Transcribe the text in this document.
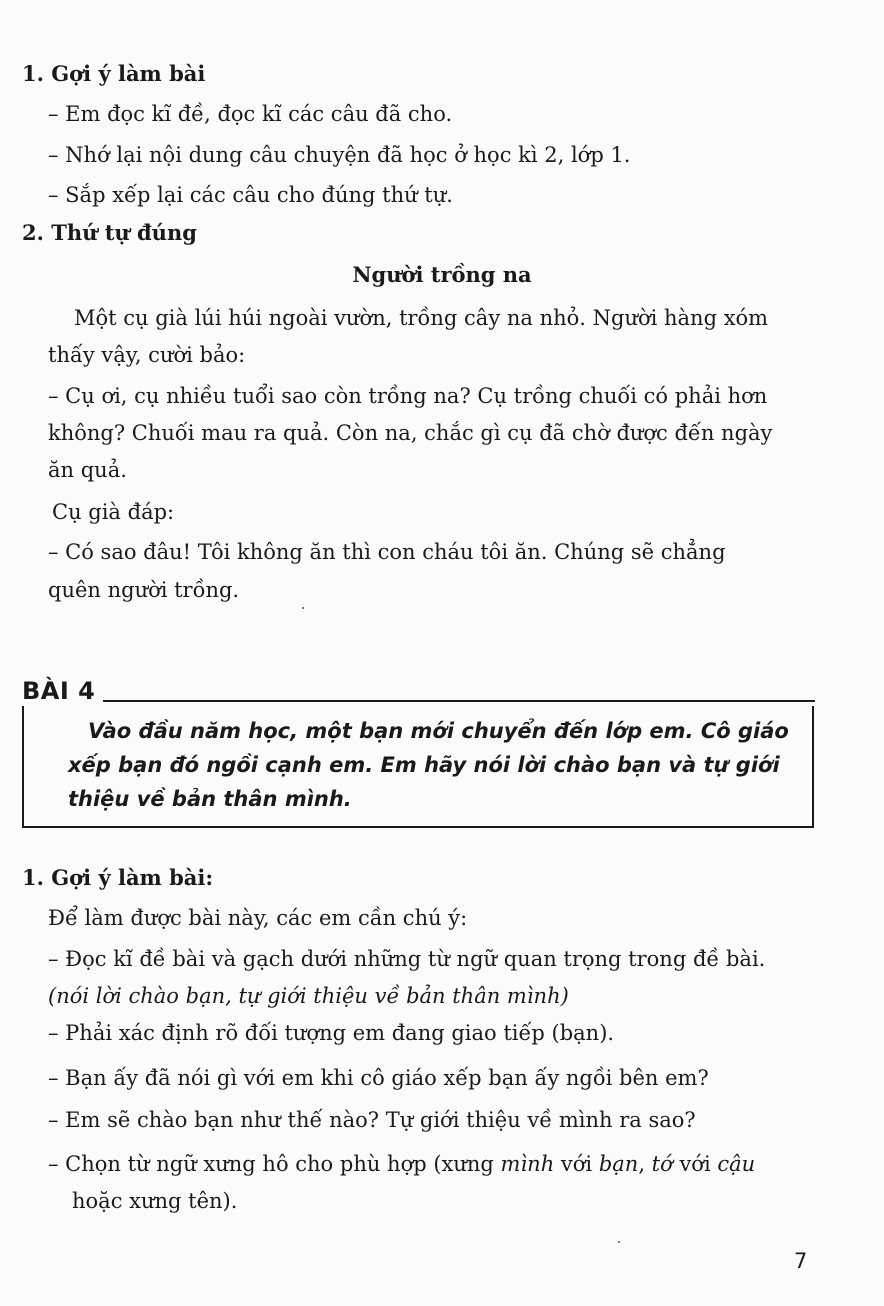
1. Gợi ý làm bài
– Em đọc kĩ đề, đọc kĩ các câu đã cho.
– Nhớ lại nội dung câu chuyện đã học ở học kì 2, lớp 1.
– Sắp xếp lại các câu cho đúng thứ tự.
2. Thứ tự đúng
Người trồng na
Một cụ già lúi húi ngoài vườn, trồng cây na nhỏ. Người hàng xóm
thấy vậy, cười bảo:
– Cụ ơi, cụ nhiều tuổi sao còn trồng na? Cụ trồng chuối có phải hơn
không? Chuối mau ra quả. Còn na, chắc gì cụ đã chờ được đến ngày
ăn quả.
Cụ già đáp:
– Có sao đâu! Tôi không ăn thì con cháu tôi ăn. Chúng sẽ chẳng
quên người trồng.
BÀI 4
Vào đầu năm học, một bạn mới chuyển đến lớp em. Cô giáo xếp bạn đó ngồi cạnh em. Em hãy nói lời chào bạn và tự giới thiệu về bản thân mình.
1. Gợi ý làm bài:
Để làm được bài này, các em cần chú ý:
– Đọc kĩ đề bài và gạch dưới những từ ngữ quan trọng trong đề bài.
(nói lời chào bạn, tự giới thiệu về bản thân mình)
– Phải xác định rõ đối tượng em đang giao tiếp (bạn).
– Bạn ấy đã nói gì với em khi cô giáo xếp bạn ấy ngồi bên em?
– Em sẽ chào bạn như thế nào? Tự giới thiệu về mình ra sao?
– Chọn từ ngữ xưng hô cho phù hợp (xưng mình với bạn, tớ với cậu
hoặc xưng tên).
7
